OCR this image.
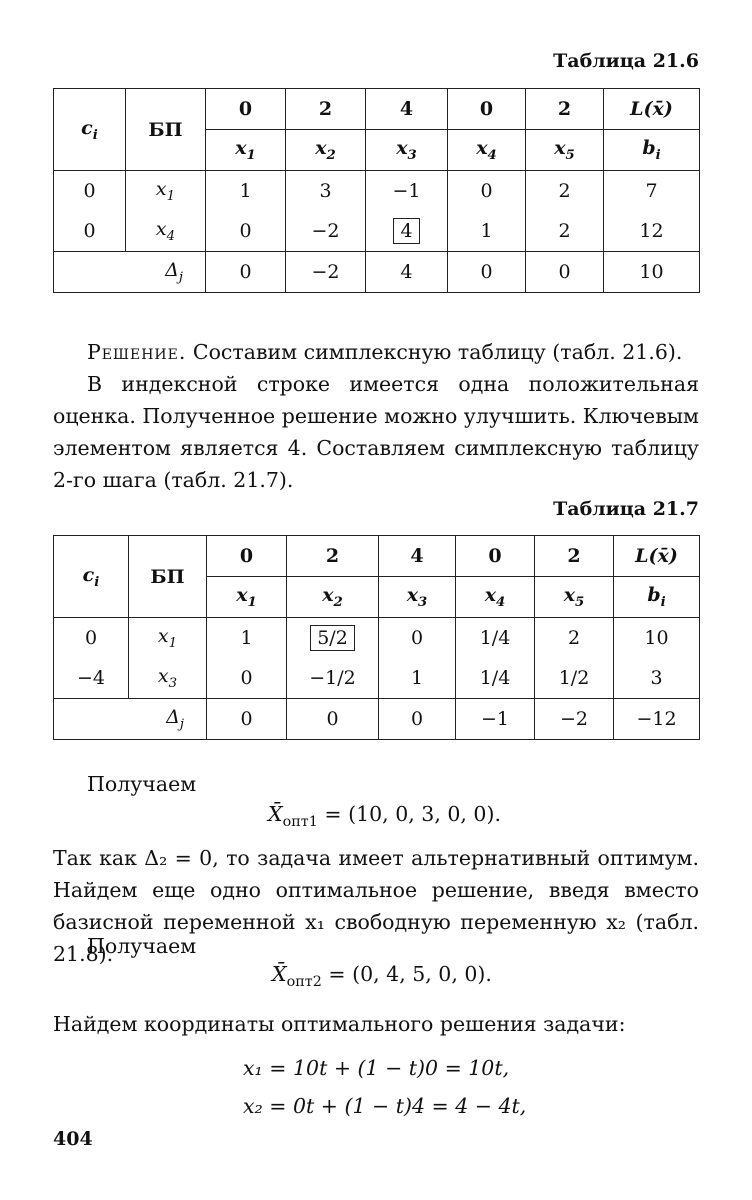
Таблица 21.6
$c_i$	БП	0	2	4	0	2	L(x̄)
		$x_1$	$x_2$	$x_3$	$x_4$	$x_5$	$b_i$
0	$x_1$	1	3	−1	0	2	7
0	$x_4$	0	−2	4	1	2	12
$\Delta_j$		0	−2	4	0	0	10
Решение. Составим симплексную таблицу (табл. 21.6).
В индексной строке имеется одна положительная оценка. Полученное решение можно улучшить. Ключевым элементом является 4. Составляем симплексную таблицу 2-го шага (табл. 21.7).
Таблица 21.7
$c_i$	БП	0	2	4	0	2	L(x̄)
		$x_1$	$x_2$	$x_3$	$x_4$	$x_5$	$b_i$
0	$x_1$	1	5/2	0	1/4	2	10
−4	$x_3$	0	−1/2	1	1/4	1/2	3
$\Delta_j$		0	0	0	−1	−2	−12
Получаем
$X̄_{опт1} = (10$, 0, 3, 0, 0).
Так как Δ₂ = 0, то задача имеет альтернативный оптимум. Найдем еще одно оптимальное решение, введя вместо базисной переменной x₁ свободную переменную x₂ (табл. 21.8).
Получаем
$X̄_{опт2} = (0$, 4, 5, 0, 0).
Найдем координаты оптимального решения задачи:
x₁ = 10t + (1 − t)0 = 10t,
x₂ = 0t + (1 − t)4 = 4 − 4t,
404
